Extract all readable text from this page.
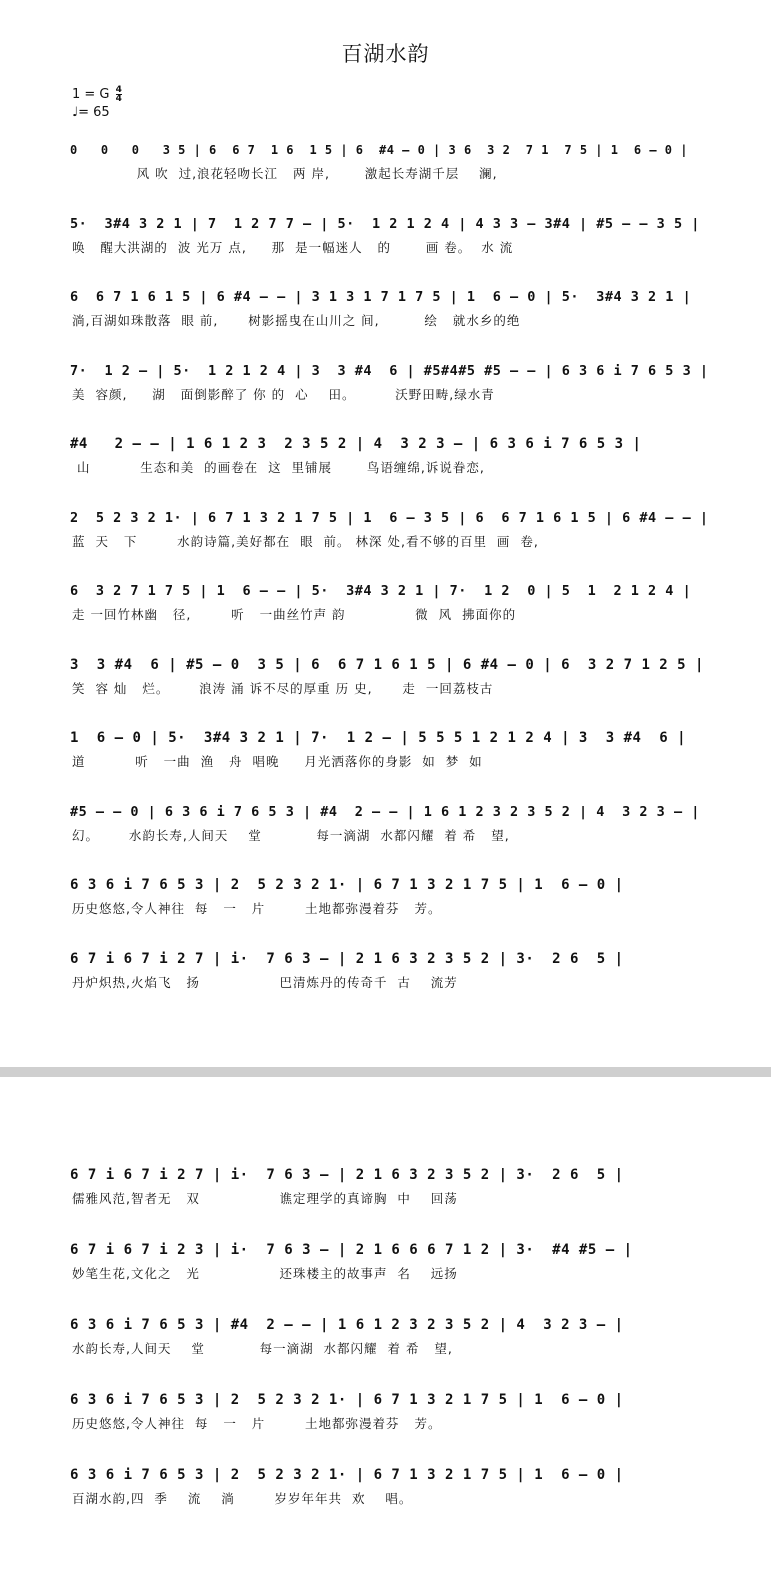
百湖水韵
1 = G $\frac{4}{4}$
♩= 65
0   0   0   3 5 | 6  6 7  1 6  1 5 | 6  #4 – 0 | 3 6  3 2  7 1  7 5 | 1  6 – 0 |
风 吹  过,浪花轻吻长江   两 岸,       激起长寿湖千层    澜,
5·  3#4 3 2 1 | 7  1 2 7 7 – | 5·  1 2 1 2 4 | 4 3 3 – 3#4 | #5 – – 3 5 |
唤   醒大洪湖的  波 光万 点,     那  是一幅迷人   的       画 卷。  水 流
6  6 7 1 6 1 5 | 6 #4 – – | 3 1 3 1 7 1 7 5 | 1  6 – 0 | 5·  3#4 3 2 1 |
淌,百湖如珠散落  眼 前,      树影摇曳在山川之 间,         绘   就水乡的绝
7·  1 2 – | 5·  1 2 1 2 4 | 3  3 #4  6 | #5#4#5 #5 – – | 6 3 6 i 7 6 5 3 |
美  容颜,     湖   面倒影醉了 你 的  心    田。        沃野田畴,绿水青
#4   2 – – | 1 6 1 2 3  2 3 5 2 | 4  3 2 3 – | 6 3 6 i 7 6 5 3 |
山          生态和美  的画卷在  这  里铺展       鸟语缠绵,诉说眷恋,
2  5 2 3 2 1· | 6 7 1 3 2 1 7 5 | 1  6 – 3 5 | 6  6 7 1 6 1 5 | 6 #4 – – |
蓝  天   下        水韵诗篇,美好都在  眼  前。 林深 处,看不够的百里  画  卷,
6  3 2 7 1 7 5 | 1  6 – – | 5·  3#4 3 2 1 | 7·  1 2  0 | 5  1  2 1 2 4 |
走 一回竹林幽   径,        听   一曲丝竹声 韵              微  风  拂面你的
3  3 #4  6 | #5 – 0  3 5 | 6  6 7 1 6 1 5 | 6 #4 – 0 | 6  3 2 7 1 2 5 |
笑  容 灿   烂。      浪涛 涌 诉不尽的厚重 历 史,      走  一回荔枝古
1  6 – 0 | 5·  3#4 3 2 1 | 7·  1 2 – | 5 5 5 1 2 1 2 4 | 3  3 #4  6 |
道          听   一曲  渔   舟  唱晚     月光洒落你的身影  如  梦  如
#5 – – 0 | 6 3 6 i 7 6 5 3 | #4  2 – – | 1 6 1 2 3 2 3 5 2 | 4  3 2 3 – |
幻。      水韵长寿,人间天    堂           每一滴湖  水都闪耀  着 希   望,
6 3 6 i 7 6 5 3 | 2  5 2 3 2 1· | 6 7 1 3 2 1 7 5 | 1  6 – 0 |
历史悠悠,令人神往  每   一   片        土地都弥漫着芬   芳。
6 7 i 6 7 i 2 7 | i·  7 6 3 – | 2 1 6 3 2 3 5 2 | 3·  2 6  5 |
丹炉炽热,火焰飞   扬                巴清炼丹的传奇千  古    流芳
6 7 i 6 7 i 2 7 | i·  7 6 3 – | 2 1 6 3 2 3 5 2 | 3·  2 6  5 |
儒雅风范,智者无   双                谯定理学的真谛胸  中    回荡
6 7 i 6 7 i 2 3 | i·  7 6 3 – | 2 1 6 6 6 7 1 2 | 3·  #4 #5 – |
妙笔生花,文化之   光                还珠楼主的故事声  名    远扬
6 3 6 i 7 6 5 3 | #4  2 – – | 1 6 1 2 3 2 3 5 2 | 4  3 2 3 – |
水韵长寿,人间天    堂           每一滴湖  水都闪耀  着 希   望,
6 3 6 i 7 6 5 3 | 2  5 2 3 2 1· | 6 7 1 3 2 1 7 5 | 1  6 – 0 |
历史悠悠,令人神往  每   一   片        土地都弥漫着芬   芳。
6 3 6 i 7 6 5 3 | 2  5 2 3 2 1· | 6 7 1 3 2 1 7 5 | 1  6 – 0 |
百湖水韵,四  季    流    淌        岁岁年年共  欢    唱。
